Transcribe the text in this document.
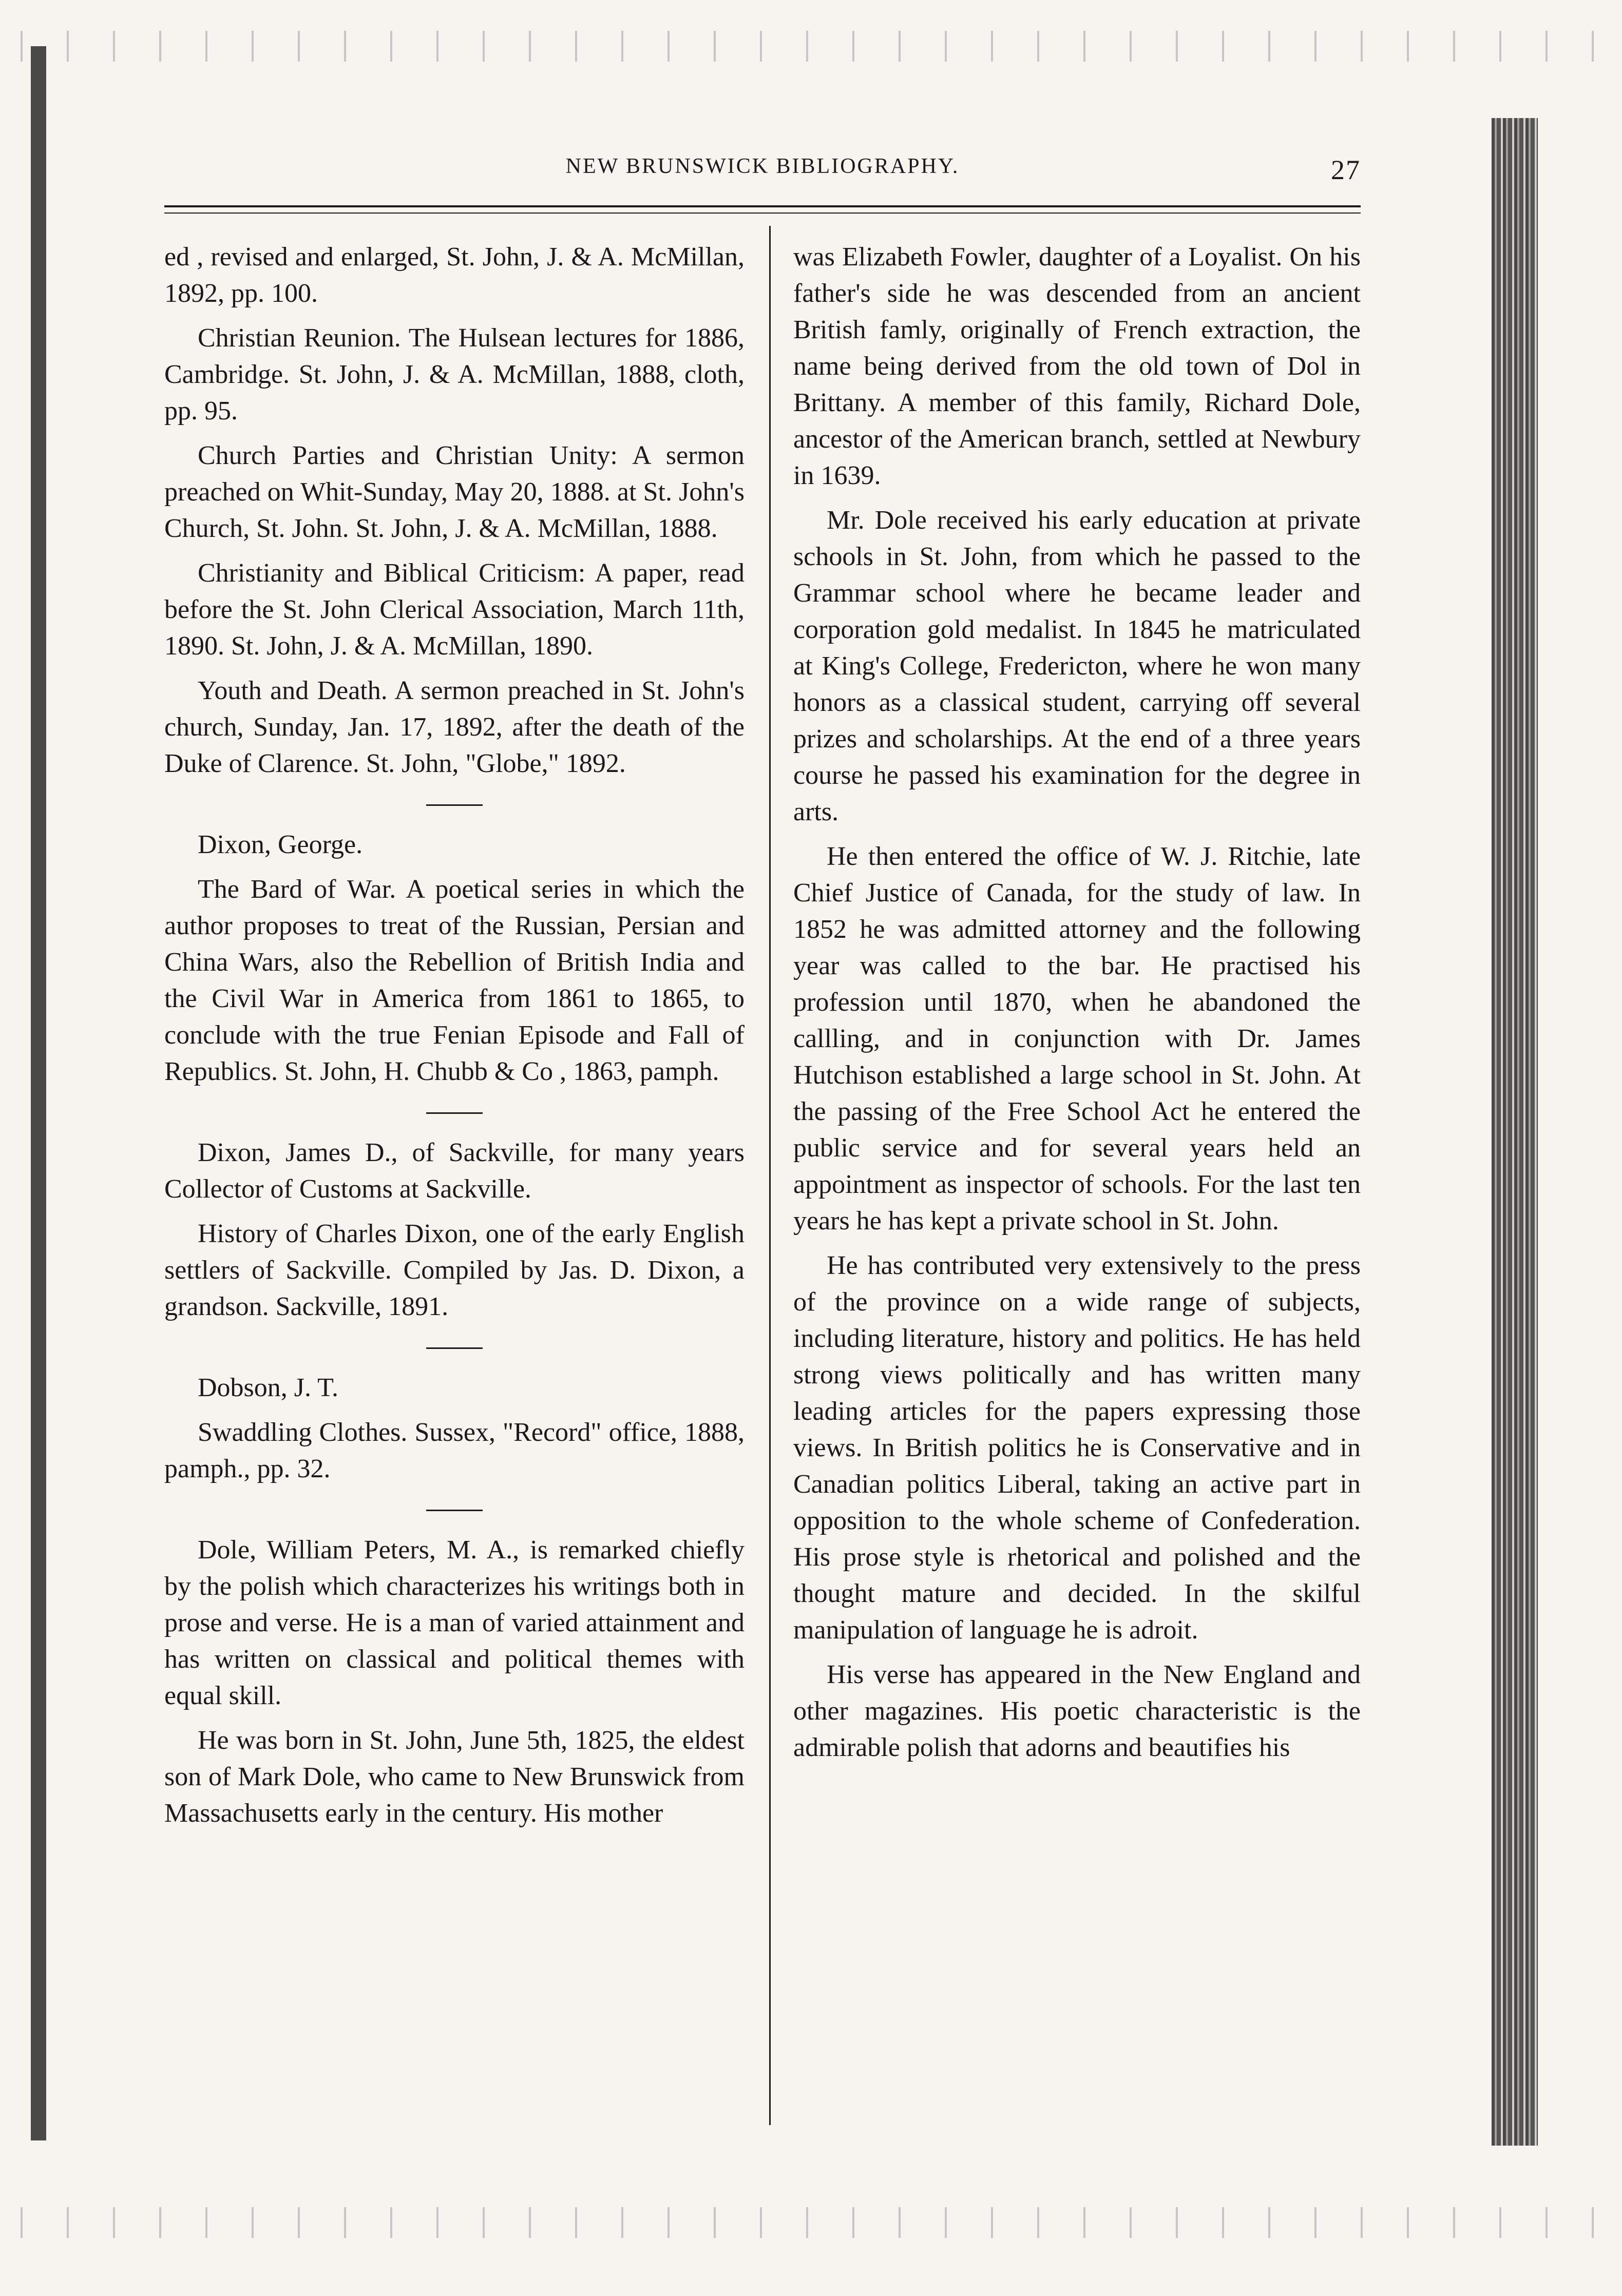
NEW BRUNSWICK BIBLIOGRAPHY.	27

ed , revised and enlarged, St. John, J. & A. McMillan, 1892, pp. 100.

Christian Reunion. The Hulsean lectures for 1886, Cambridge. St. John, J. & A. McMillan, 1888, cloth, pp. 95.

Church Parties and Christian Unity: A sermon preached on Whit-Sunday, May 20, 1888. at St. John's Church, St. John. St. John, J. & A. McMillan, 1888.

Christianity and Biblical Criticism: A paper, read before the St. John Clerical Association, March 11th, 1890. St. John, J. & A. McMillan, 1890.

Youth and Death. A sermon preached in St. John's church, Sunday, Jan. 17, 1892, after the death of the Duke of Clarence. St. John, "Globe," 1892.

Dixon, George.

The Bard of War. A poetical series in which the author proposes to treat of the Russian, Persian and China Wars, also the Rebellion of British India and the Civil War in America from 1861 to 1865, to conclude with the true Fenian Episode and Fall of Republics. St. John, H. Chubb & Co , 1863, pamph.

Dixon, James D., of Sackville, for many years Collector of Customs at Sackville.

History of Charles Dixon, one of the early English settlers of Sackville. Compiled by Jas. D. Dixon, a grandson. Sackville, 1891.

Dobson, J. T.

Swaddling Clothes. Sussex, "Record" office, 1888, pamph., pp. 32.

Dole, William Peters, M. A., is remarked chiefly by the polish which characterizes his writings both in prose and verse. He is a man of varied attainment and has written on classical and political themes with equal skill.

He was born in St. John, June 5th, 1825, the eldest son of Mark Dole, who came to New Brunswick from Massachusetts early in the century. His mother

was Elizabeth Fowler, daughter of a Loyalist. On his father's side he was descended from an ancient British famly, originally of French extraction, the name being derived from the old town of Dol in Brittany. A member of this family, Richard Dole, ancestor of the American branch, settled at Newbury in 1639.

Mr. Dole received his early education at private schools in St. John, from which he passed to the Grammar school where he became leader and corporation gold medalist. In 1845 he matriculated at King's College, Fredericton, where he won many honors as a classical student, carrying off several prizes and scholarships. At the end of a three years course he passed his examination for the degree in arts.

He then entered the office of W. J. Ritchie, late Chief Justice of Canada, for the study of law. In 1852 he was admitted attorney and the following year was called to the bar. He practised his profession until 1870, when he abandoned the callling, and in conjunction with Dr. James Hutchison established a large school in St. John. At the passing of the Free School Act he entered the public service and for several years held an appointment as inspector of schools. For the last ten years he has kept a private school in St. John.

He has contributed very extensively to the press of the province on a wide range of subjects, including literature, history and politics. He has held strong views politically and has written many leading articles for the papers expressing those views. In British politics he is Conservative and in Canadian politics Liberal, taking an active part in opposition to the whole scheme of Confederation. His prose style is rhetorical and polished and the thought mature and decided. In the skilful manipulation of language he is adroit.

His verse has appeared in the New England and other magazines. His poetic characteristic is the admirable polish that adorns and beautifies his
